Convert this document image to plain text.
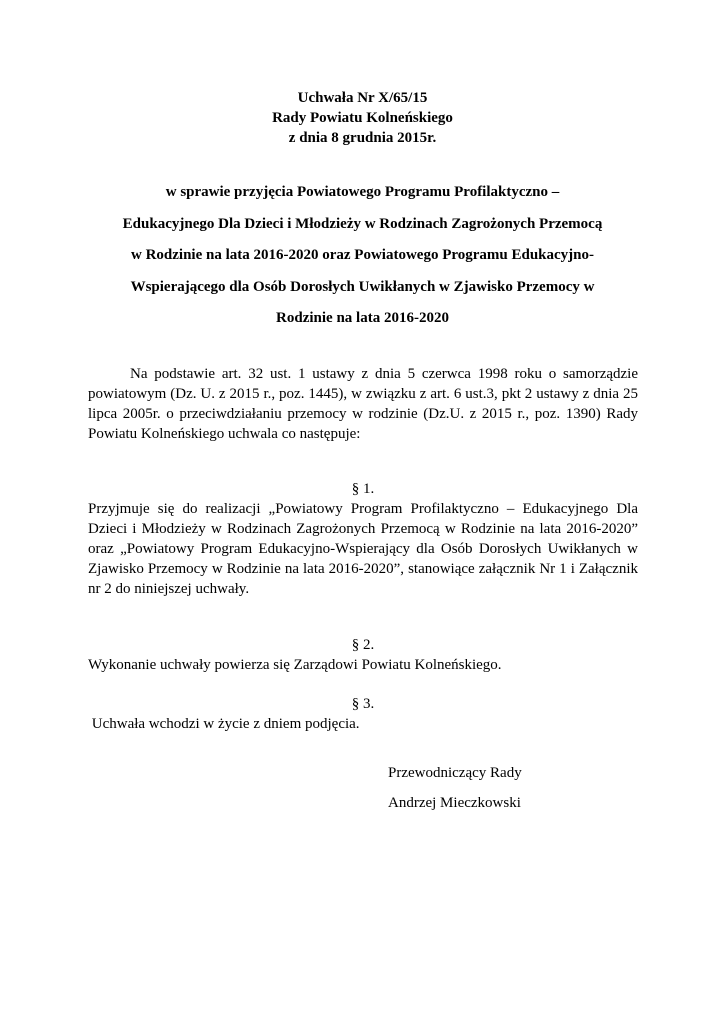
Uchwała Nr X/65/15
Rady Powiatu Kolneńskiego
z dnia 8 grudnia 2015r.
w sprawie przyjęcia Powiatowego Programu Profilaktyczno –
Edukacyjnego Dla Dzieci i Młodzieży w Rodzinach Zagrożonych Przemocą
w Rodzinie na lata 2016-2020 oraz Powiatowego Programu Edukacyjno-
Wspierającego dla Osób Dorosłych Uwikłanych w Zjawisko Przemocy w
Rodzinie na lata 2016-2020
Na podstawie art. 32 ust. 1 ustawy z dnia 5 czerwca 1998 roku o samorządzie powiatowym (Dz. U. z 2015 r., poz. 1445), w związku z art. 6 ust.3, pkt 2 ustawy z dnia 25 lipca 2005r. o przeciwdziałaniu przemocy w rodzinie (Dz.U. z 2015 r., poz. 1390) Rady Powiatu Kolneńskiego uchwala co następuje:
§ 1.
Przyjmuje się do realizacji „Powiatowy Program Profilaktyczno – Edukacyjnego Dla Dzieci i Młodzieży w Rodzinach Zagrożonych Przemocą w Rodzinie na lata 2016-2020” oraz „Powiatowy Program Edukacyjno-Wspierający dla Osób Dorosłych Uwikłanych w Zjawisko Przemocy w Rodzinie na lata 2016-2020”, stanowiące załącznik Nr 1 i Załącznik nr 2 do niniejszej uchwały.
§ 2.
Wykonanie uchwały powierza się Zarządowi Powiatu Kolneńskiego.
§ 3.
Uchwała wchodzi w życie z dniem podjęcia.
Przewodniczący Rady
Andrzej Mieczkowski
